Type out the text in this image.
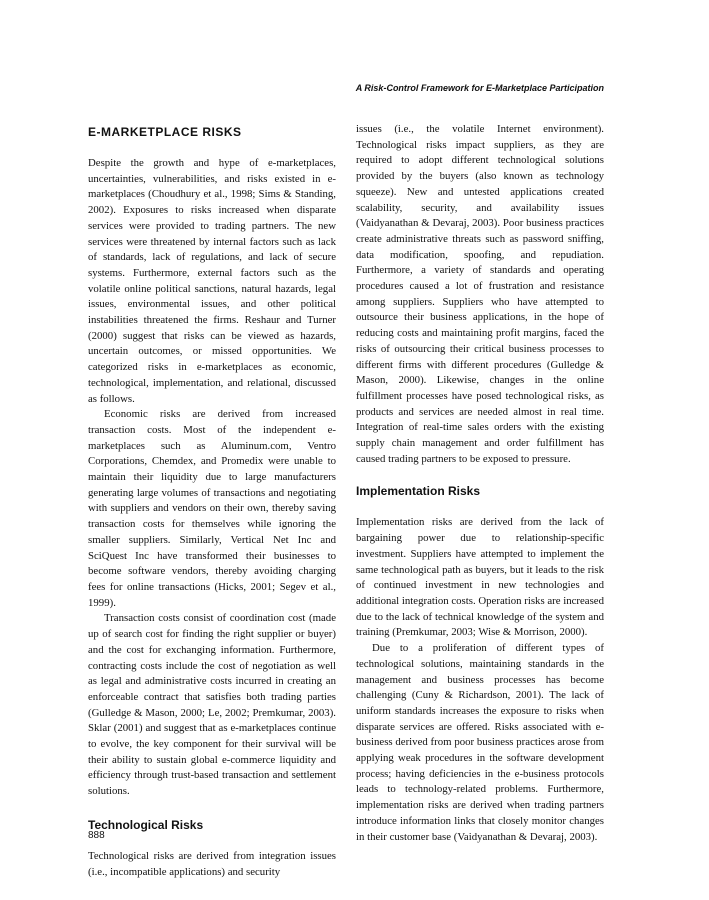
A Risk-Control Framework for E-Marketplace Participation
E-MARKETPLACE RISKS

Despite the growth and hype of e-marketplaces, uncertainties, vulnerabilities, and risks existed in e-marketplaces (Choudhury et al., 1998; Sims & Standing, 2002). Exposures to risks increased when disparate services were provided to trading partners. The new services were threatened by internal factors such as lack of standards, lack of regulations, and lack of secure systems. Furthermore, external factors such as the volatile online political sanctions, natural hazards, legal issues, environmental issues, and other political instabilities threatened the firms. Reshaur and Turner (2000) suggest that risks can be viewed as hazards, uncertain outcomes, or missed opportunities. We categorized risks in e-marketplaces as economic, technological, implementation, and relational, discussed as follows.

Economic risks are derived from increased transaction costs. Most of the independent e-marketplaces such as Aluminum.com, Ventro Corporations, Chemdex, and Promedix were unable to maintain their liquidity due to large manufacturers generating large volumes of transactions and negotiating with suppliers and vendors on their own, thereby saving transaction costs for themselves while ignoring the smaller suppliers. Similarly, Vertical Net Inc and SciQuest Inc have transformed their businesses to become software vendors, thereby avoiding charging fees for online transactions (Hicks, 2001; Segev et al., 1999).

Transaction costs consist of coordination cost (made up of search cost for finding the right supplier or buyer) and the cost for exchanging information. Furthermore, contracting costs include the cost of negotiation as well as legal and administrative costs incurred in creating an enforceable contract that satisfies both trading parties (Gulledge & Mason, 2000; Le, 2002; Premkumar, 2003). Sklar (2001) and suggest that as e-marketplaces continue to evolve, the key component for their survival will be their ability to sustain global e-commerce liquidity and efficiency through trust-based transaction and settlement solutions.

Technological Risks

Technological risks are derived from integration issues (i.e., incompatible applications) and security

issues (i.e., the volatile Internet environment). Technological risks impact suppliers, as they are required to adopt different technological solutions provided by the buyers (also known as technology squeeze). New and untested applications created scalability, security, and availability issues (Vaidyanathan & Devaraj, 2003). Poor business practices create administrative threats such as password sniffing, data modification, spoofing, and repudiation. Furthermore, a variety of standards and operating procedures caused a lot of frustration and resistance among suppliers. Suppliers who have attempted to outsource their business applications, in the hope of reducing costs and maintaining profit margins, faced the risks of outsourcing their critical business processes to different firms with different procedures (Gulledge & Mason, 2000). Likewise, changes in the online fulfillment processes have posed technological risks, as products and services are needed almost in real time. Integration of real-time sales orders with the existing supply chain management and order fulfillment has caused trading partners to be exposed to pressure.

Implementation Risks

Implementation risks are derived from the lack of bargaining power due to relationship-specific investment. Suppliers have attempted to implement the same technological path as buyers, but it leads to the risk of continued investment in new technologies and additional integration costs. Operation risks are increased due to the lack of technical knowledge of the system and training (Premkumar, 2003; Wise & Morrison, 2000).

Due to a proliferation of different types of technological solutions, maintaining standards in the management and business processes has become challenging (Cuny & Richardson, 2001). The lack of uniform standards increases the exposure to risks when disparate services are offered. Risks associated with e-business derived from poor business practices arose from applying weak procedures in the software development process; having deficiencies in the e-business protocols leads to technology-related problems. Furthermore, implementation risks are derived when trading partners introduce information links that closely monitor changes in their customer base (Vaidyanathan & Devaraj, 2003).

888
